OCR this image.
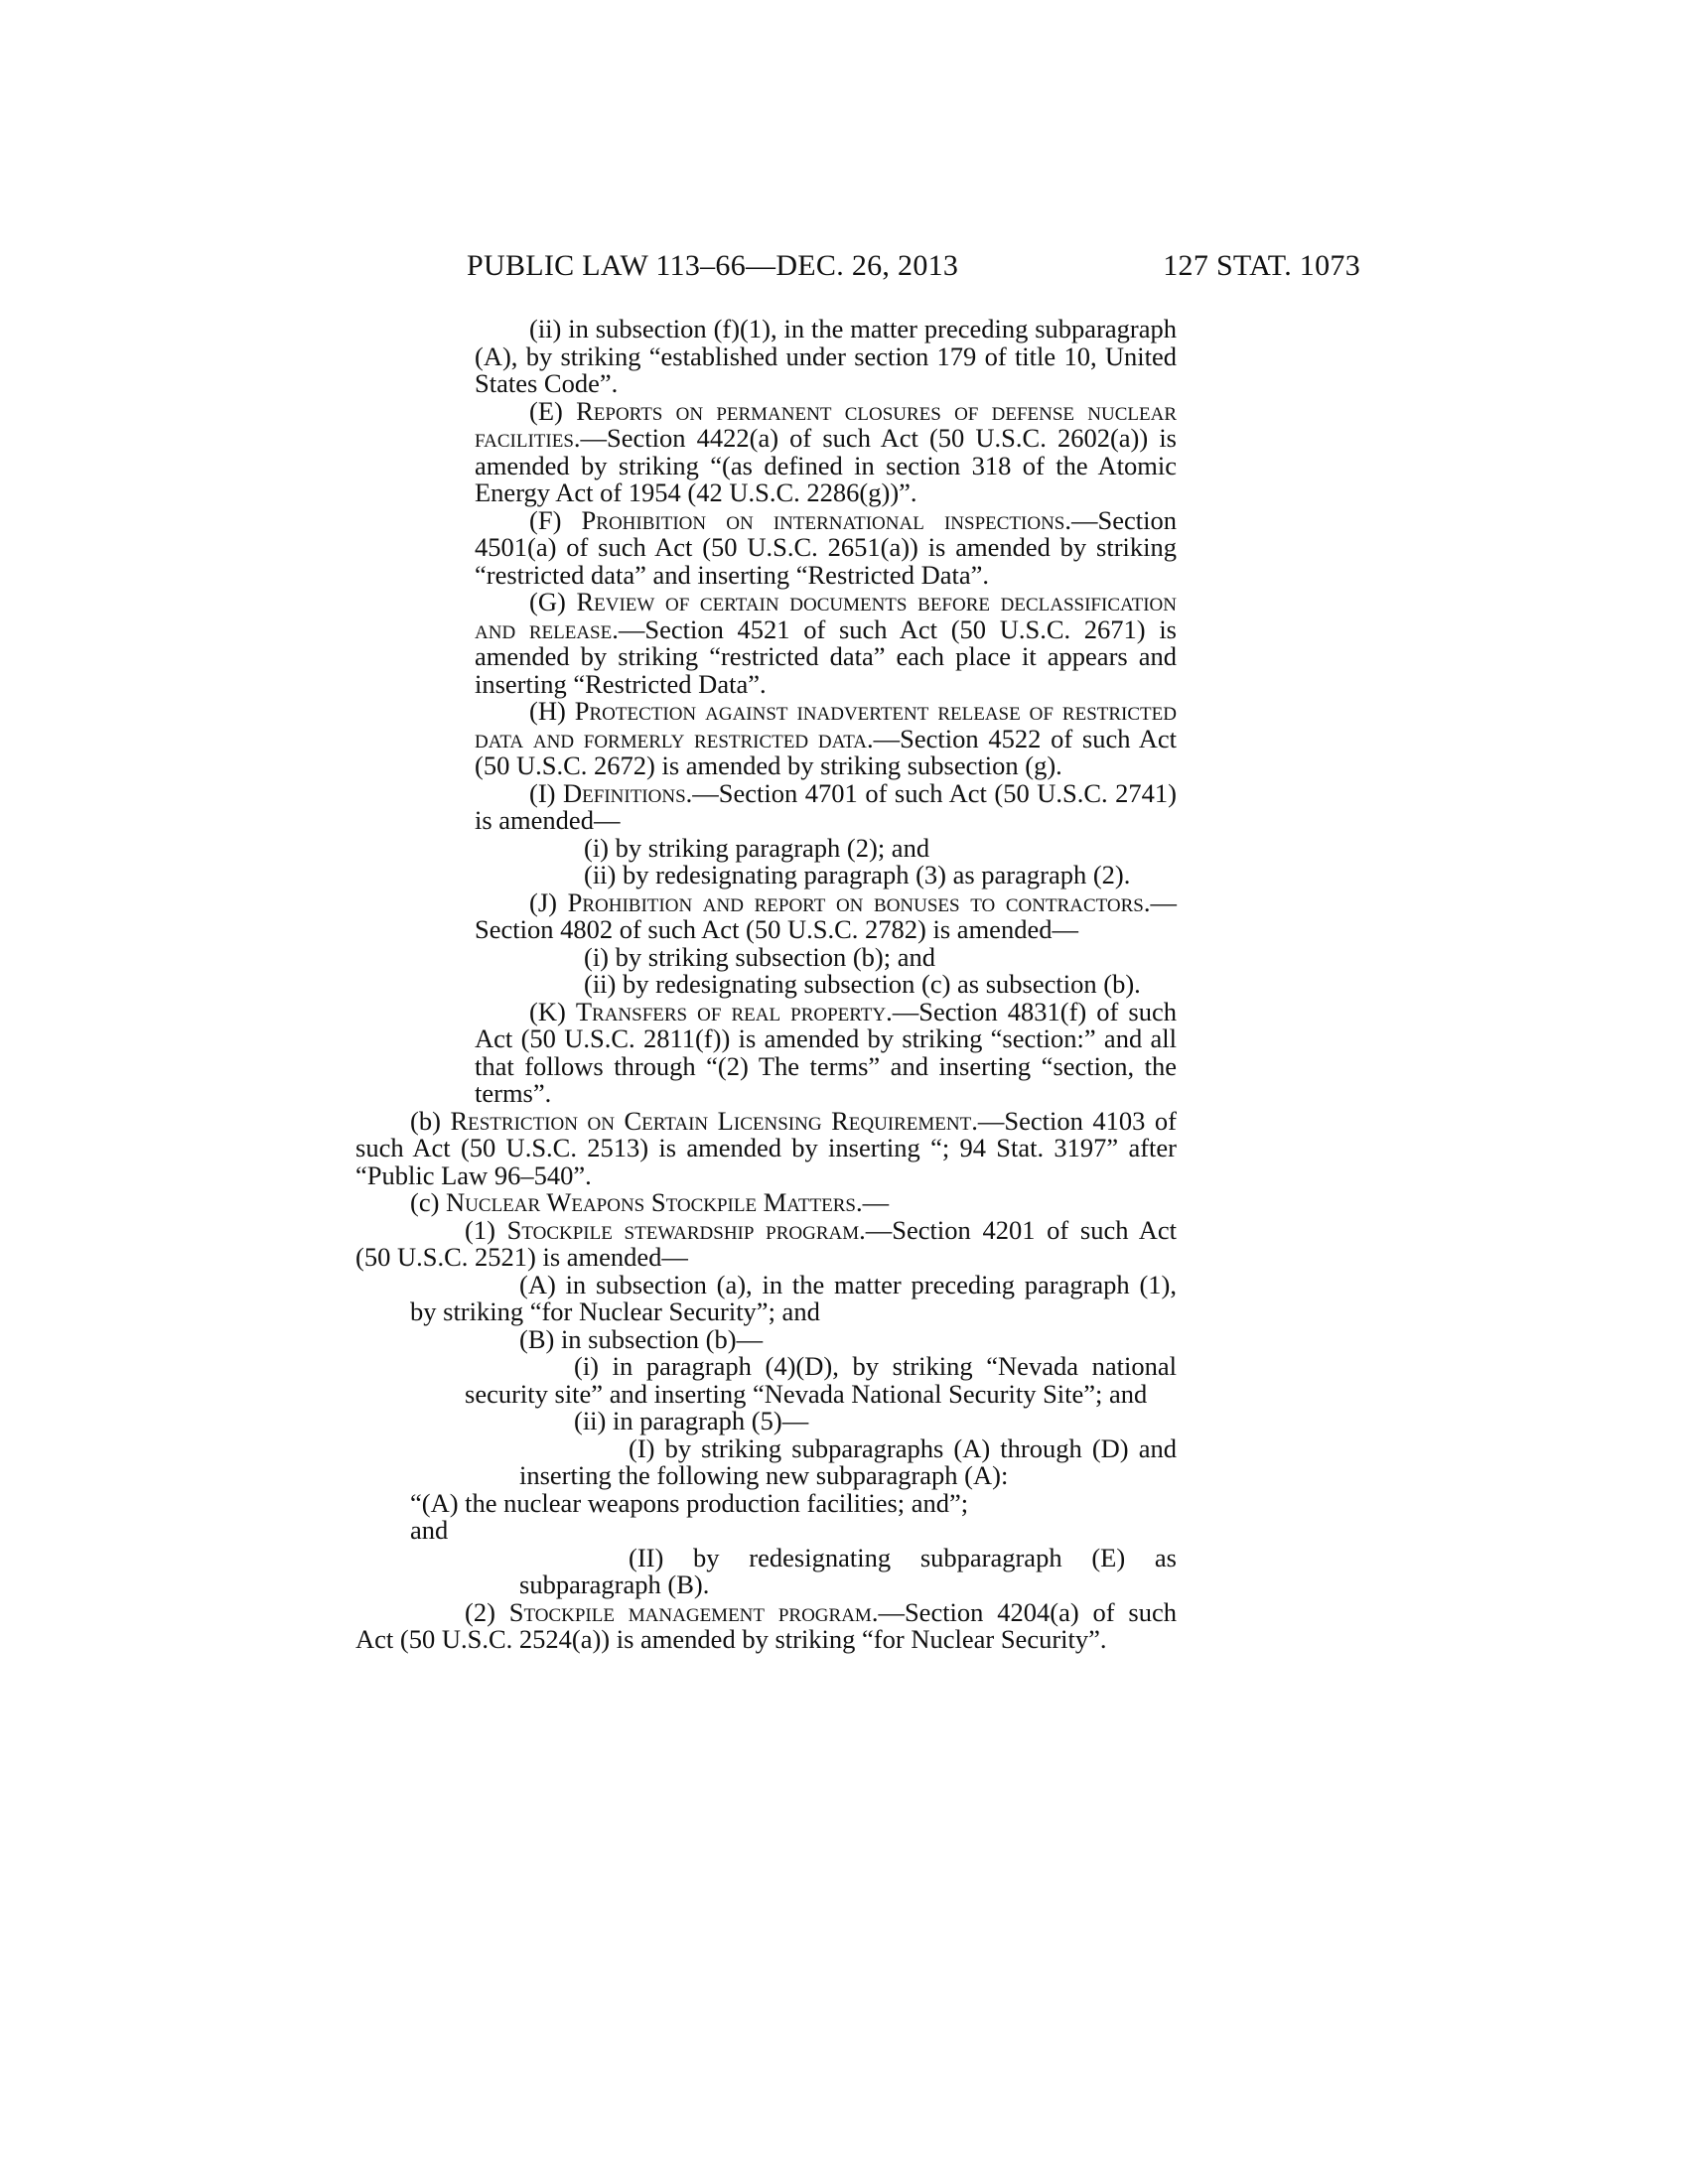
PUBLIC LAW 113–66—DEC. 26, 2013	127 STAT. 1073

(ii) in subsection (f)(1), in the matter preceding subparagraph (A), by striking “established under section 179 of title 10, United States Code”.

(E) Reports on permanent closures of defense nuclear facilities.—Section 4422(a) of such Act (50 U.S.C. 2602(a)) is amended by striking “(as defined in section 318 of the Atomic Energy Act of 1954 (42 U.S.C. 2286(g))”.

(F) Prohibition on international inspections.—Section 4501(a) of such Act (50 U.S.C. 2651(a)) is amended by striking “restricted data” and inserting “Restricted Data”.

(G) Review of certain documents before declassification and release.—Section 4521 of such Act (50 U.S.C. 2671) is amended by striking “restricted data” each place it appears and inserting “Restricted Data”.

(H) Protection against inadvertent release of restricted data and formerly restricted data.—Section 4522 of such Act (50 U.S.C. 2672) is amended by striking subsection (g).

(I) Definitions.—Section 4701 of such Act (50 U.S.C. 2741) is amended—

(i) by striking paragraph (2); and

(ii) by redesignating paragraph (3) as paragraph (2).

(J) Prohibition and report on bonuses to contractors.—Section 4802 of such Act (50 U.S.C. 2782) is amended—

(i) by striking subsection (b); and

(ii) by redesignating subsection (c) as subsection (b).

(K) Transfers of real property.—Section 4831(f) of such Act (50 U.S.C. 2811(f)) is amended by striking “section:” and all that follows through “(2) The terms” and inserting “section, the terms”.

(b) Restriction on Certain Licensing Requirement.—Section 4103 of such Act (50 U.S.C. 2513) is amended by inserting “; 94 Stat. 3197” after “Public Law 96–540”.

(c) Nuclear Weapons Stockpile Matters.—

(1) Stockpile stewardship program.—Section 4201 of such Act (50 U.S.C. 2521) is amended—

(A) in subsection (a), in the matter preceding paragraph (1), by striking “for Nuclear Security”; and

(B) in subsection (b)—

(i) in paragraph (4)(D), by striking “Nevada national security site” and inserting “Nevada National Security Site”; and

(ii) in paragraph (5)—

(I) by striking subparagraphs (A) through (D) and inserting the following new subparagraph (A):

“(A) the nuclear weapons production facilities; and”;

and

(II) by redesignating subparagraph (E) as subparagraph (B).

(2) Stockpile management program.—Section 4204(a) of such Act (50 U.S.C. 2524(a)) is amended by striking “for Nuclear Security”.
